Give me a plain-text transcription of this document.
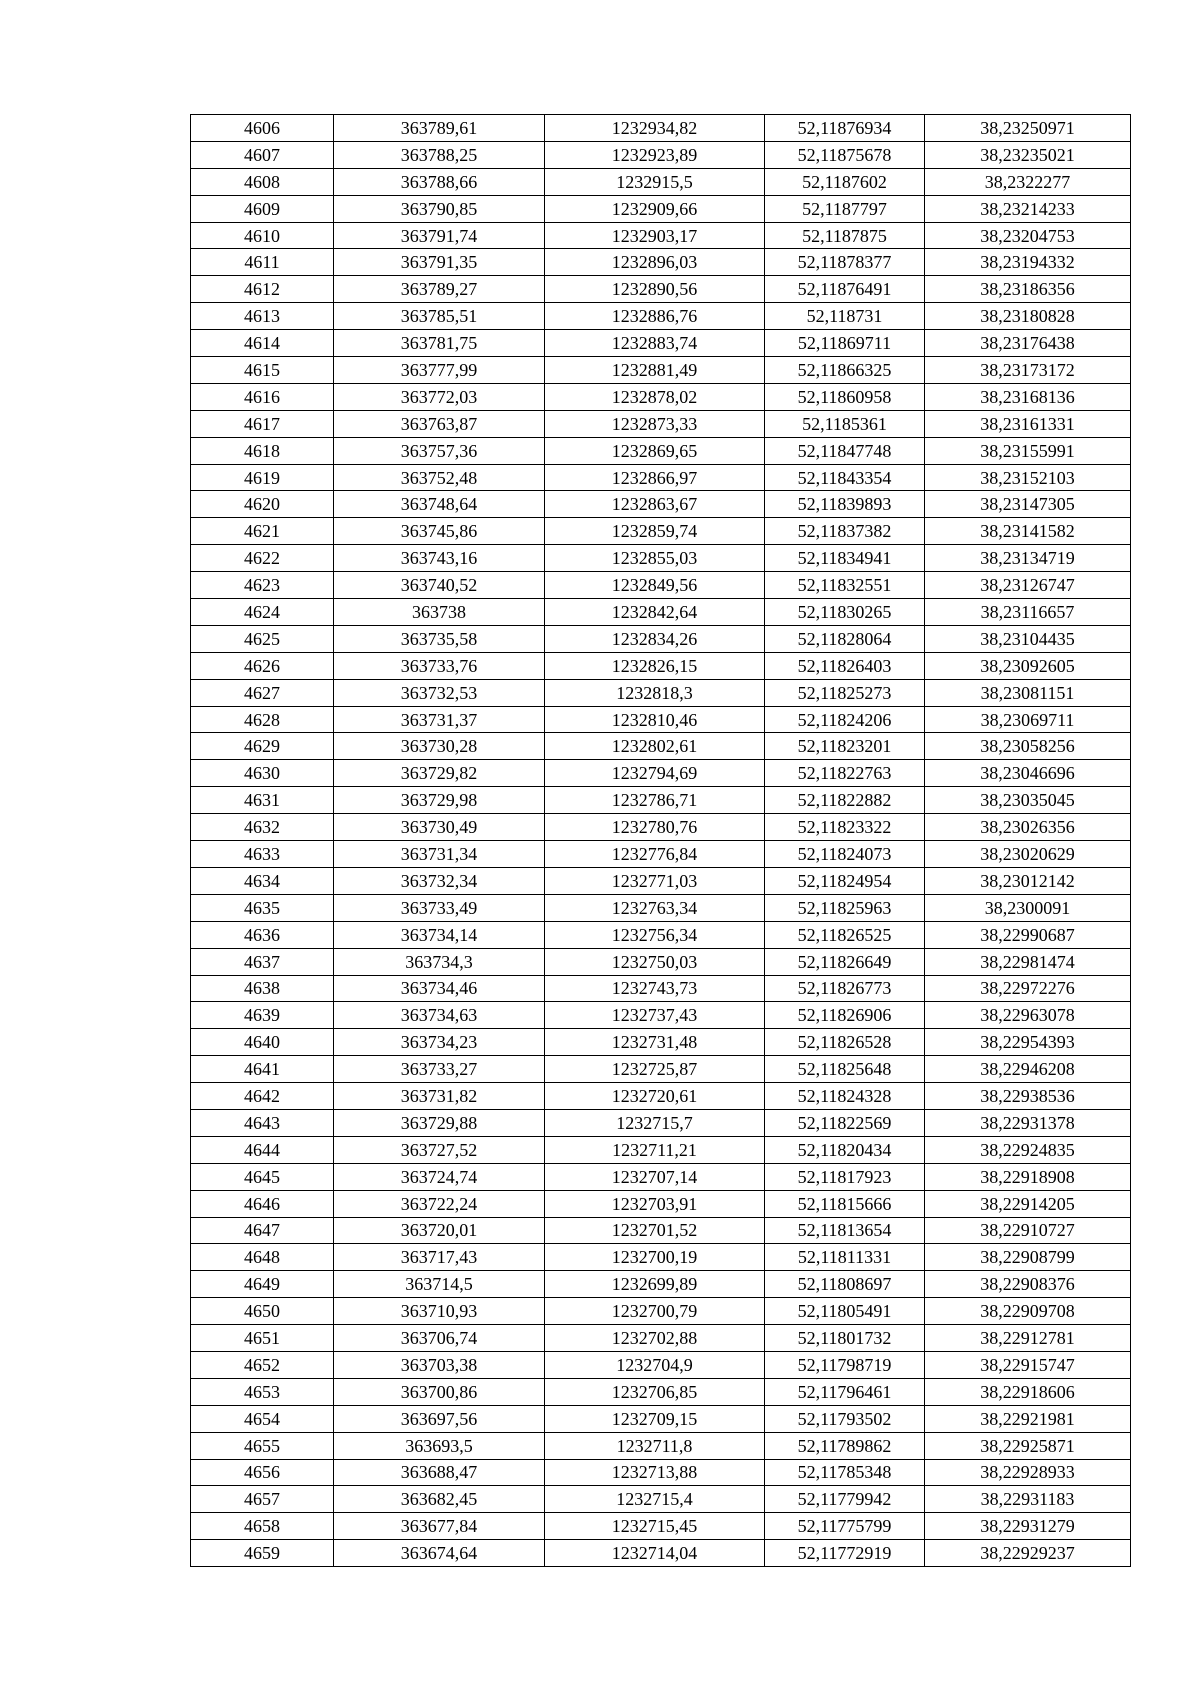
4606	363789,61	1232934,82	52,11876934	38,23250971
4607	363788,25	1232923,89	52,11875678	38,23235021
4608	363788,66	1232915,5	52,1187602	38,2322277
4609	363790,85	1232909,66	52,1187797	38,23214233
4610	363791,74	1232903,17	52,1187875	38,23204753
4611	363791,35	1232896,03	52,11878377	38,23194332
4612	363789,27	1232890,56	52,11876491	38,23186356
4613	363785,51	1232886,76	52,118731	38,23180828
4614	363781,75	1232883,74	52,11869711	38,23176438
4615	363777,99	1232881,49	52,11866325	38,23173172
4616	363772,03	1232878,02	52,11860958	38,23168136
4617	363763,87	1232873,33	52,1185361	38,23161331
4618	363757,36	1232869,65	52,11847748	38,23155991
4619	363752,48	1232866,97	52,11843354	38,23152103
4620	363748,64	1232863,67	52,11839893	38,23147305
4621	363745,86	1232859,74	52,11837382	38,23141582
4622	363743,16	1232855,03	52,11834941	38,23134719
4623	363740,52	1232849,56	52,11832551	38,23126747
4624	363738	1232842,64	52,11830265	38,23116657
4625	363735,58	1232834,26	52,11828064	38,23104435
4626	363733,76	1232826,15	52,11826403	38,23092605
4627	363732,53	1232818,3	52,11825273	38,23081151
4628	363731,37	1232810,46	52,11824206	38,23069711
4629	363730,28	1232802,61	52,11823201	38,23058256
4630	363729,82	1232794,69	52,11822763	38,23046696
4631	363729,98	1232786,71	52,11822882	38,23035045
4632	363730,49	1232780,76	52,11823322	38,23026356
4633	363731,34	1232776,84	52,11824073	38,23020629
4634	363732,34	1232771,03	52,11824954	38,23012142
4635	363733,49	1232763,34	52,11825963	38,2300091
4636	363734,14	1232756,34	52,11826525	38,22990687
4637	363734,3	1232750,03	52,11826649	38,22981474
4638	363734,46	1232743,73	52,11826773	38,22972276
4639	363734,63	1232737,43	52,11826906	38,22963078
4640	363734,23	1232731,48	52,11826528	38,22954393
4641	363733,27	1232725,87	52,11825648	38,22946208
4642	363731,82	1232720,61	52,11824328	38,22938536
4643	363729,88	1232715,7	52,11822569	38,22931378
4644	363727,52	1232711,21	52,11820434	38,22924835
4645	363724,74	1232707,14	52,11817923	38,22918908
4646	363722,24	1232703,91	52,11815666	38,22914205
4647	363720,01	1232701,52	52,11813654	38,22910727
4648	363717,43	1232700,19	52,11811331	38,22908799
4649	363714,5	1232699,89	52,11808697	38,22908376
4650	363710,93	1232700,79	52,11805491	38,22909708
4651	363706,74	1232702,88	52,11801732	38,22912781
4652	363703,38	1232704,9	52,11798719	38,22915747
4653	363700,86	1232706,85	52,11796461	38,22918606
4654	363697,56	1232709,15	52,11793502	38,22921981
4655	363693,5	1232711,8	52,11789862	38,22925871
4656	363688,47	1232713,88	52,11785348	38,22928933
4657	363682,45	1232715,4	52,11779942	38,22931183
4658	363677,84	1232715,45	52,11775799	38,22931279
4659	363674,64	1232714,04	52,11772919	38,22929237
